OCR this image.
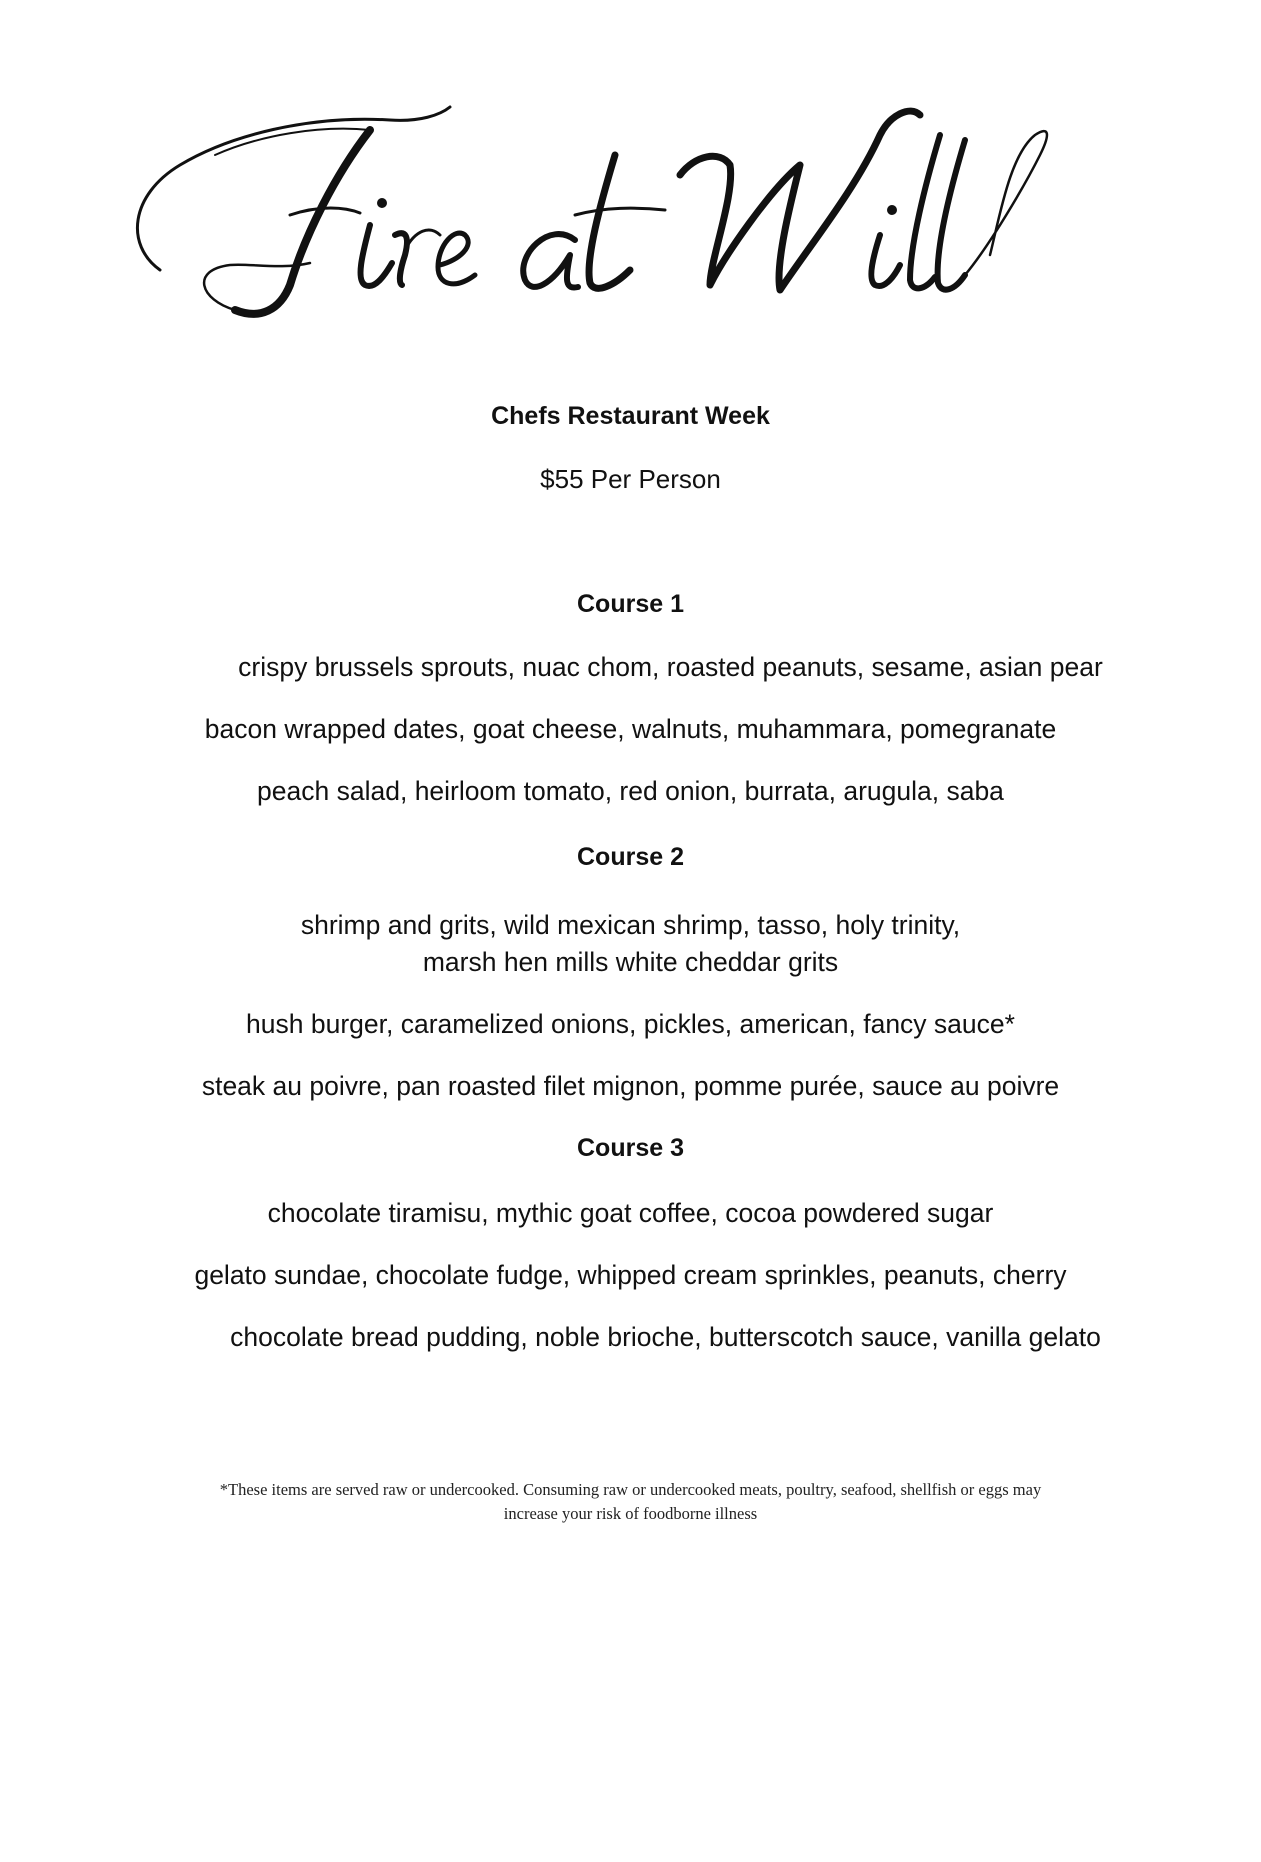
Chefs Restaurant Week
$55 Per Person
Course 1
crispy brussels sprouts, nuac chom, roasted peanuts, sesame, asian pear
bacon wrapped dates, goat cheese, walnuts, muhammara, pomegranate
peach salad, heirloom tomato, red onion, burrata, arugula, saba
Course 2
shrimp and grits, wild mexican shrimp, tasso, holy trinity,
marsh hen mills white cheddar grits
hush burger, caramelized onions, pickles, american, fancy sauce*
steak au poivre, pan roasted filet mignon, pomme purée, sauce au poivre
Course 3
chocolate tiramisu, mythic goat coffee, cocoa powdered sugar
gelato sundae, chocolate fudge, whipped cream sprinkles, peanuts, cherry
chocolate bread pudding, noble brioche, butterscotch sauce, vanilla gelato
*These items are served raw or undercooked. Consuming raw or undercooked meats, poultry, seafood, shellfish or eggs may
increase your risk of foodborne illness
